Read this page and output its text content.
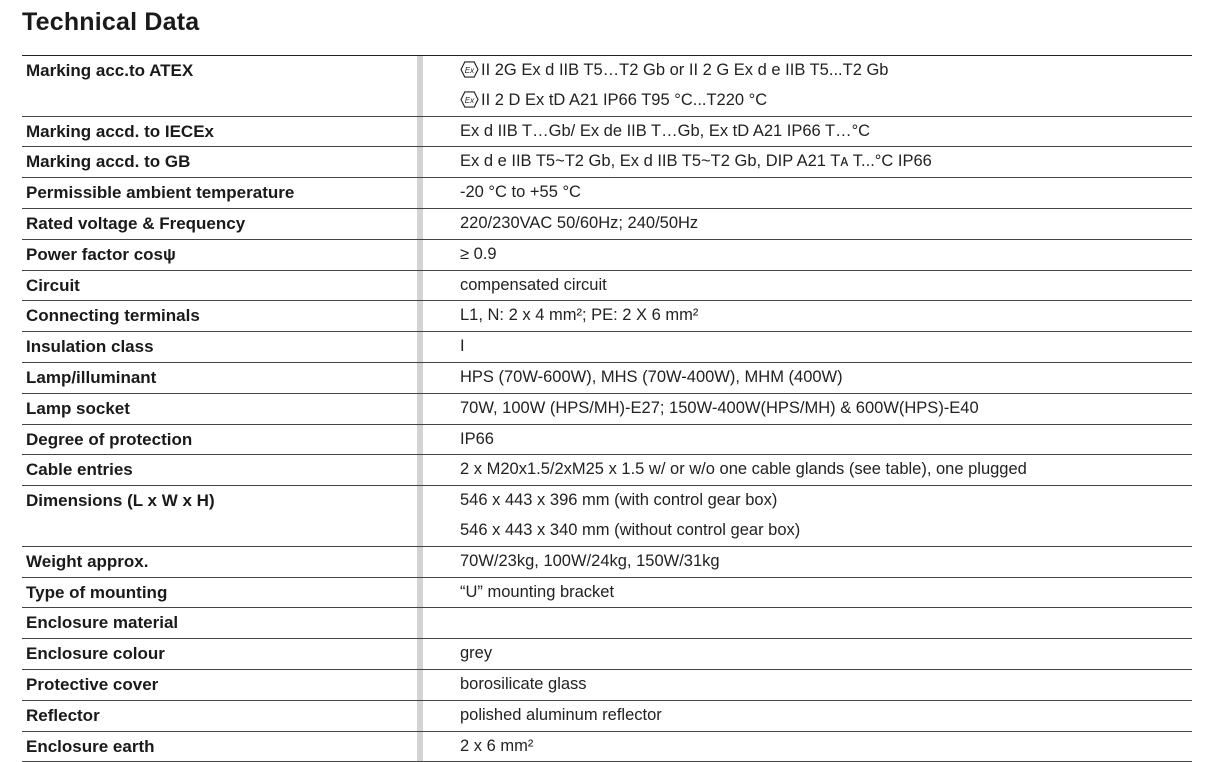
Technical Data
Marking acc.to ATEX	Ex II 2G Ex d IIB T5…T2 Gb or II 2 G Ex d e IIB T5...T2 Gb
Ex II 2 D Ex tD A21 IP66 T95 °C...T220 °C
Marking accd. to IECEx	Ex d IIB T…Gb/ Ex de IIB T…Gb, Ex tD A21 IP66 T…°C
Marking accd. to GB	Ex d e IIB T5~T2 Gb, Ex d IIB T5~T2 Gb, DIP A21 Tᴀ T...°C IP66
Permissible ambient temperature	-20 °C to +55 °C
Rated voltage & Frequency	220/230VAC 50/60Hz; 240/50Hz
Power factor cosψ	≥ 0.9
Circuit	compensated circuit
Connecting terminals	L1, N: 2 x 4 mm²; PE: 2 X 6 mm²
Insulation class	I
Lamp/illuminant	HPS (70W-600W), MHS (70W-400W), MHM (400W)
Lamp socket	70W, 100W (HPS/MH)-E27; 150W-400W(HPS/MH) & 600W(HPS)-E40
Degree of protection	IP66
Cable entries	2 x M20x1.5/2xM25 x 1.5 w/ or w/o one cable glands (see table), one plugged
Dimensions (L x W x H)	546 x 443 x 396 mm (with control gear box)
546 x 443 x 340 mm (without control gear box)
Weight approx.	70W/23kg, 100W/24kg, 150W/31kg
Type of mounting	“U” mounting bracket
Enclosure material

Enclosure colour	grey
Protective cover	borosilicate glass
Reflector	polished aluminum reflector
Enclosure earth	2 x 6 mm²
